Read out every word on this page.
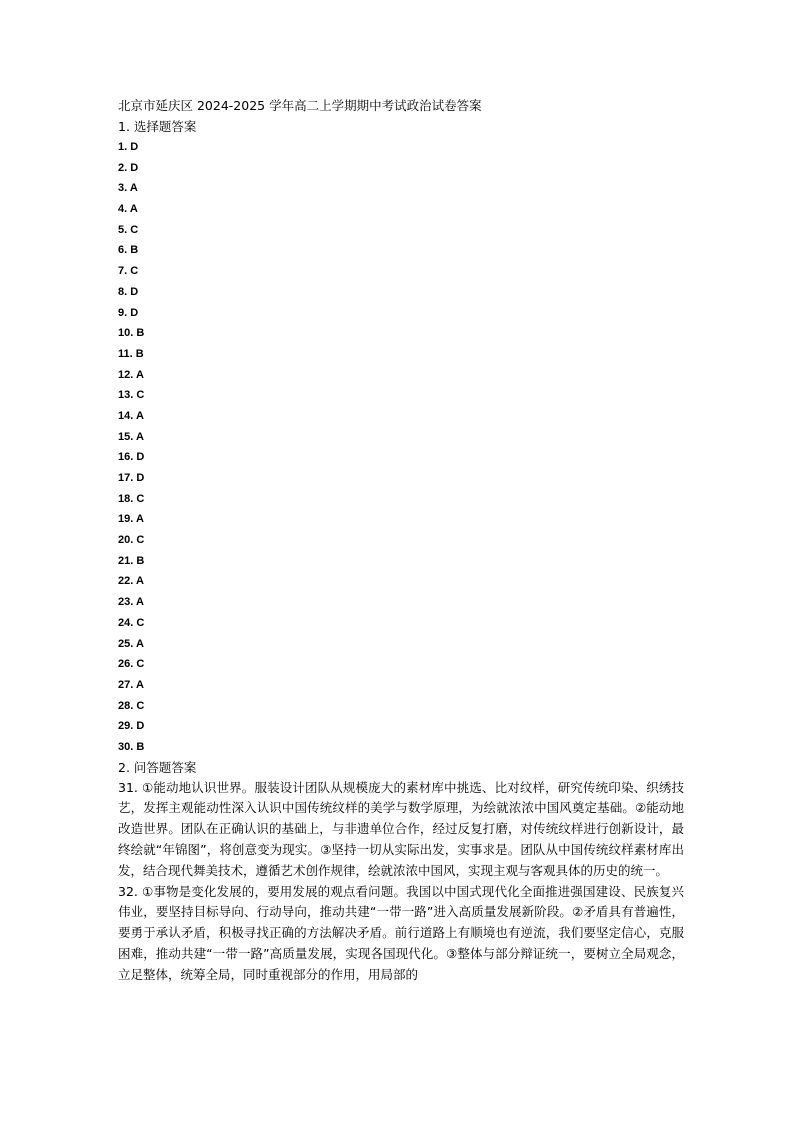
北京市延庆区 2024-2025 学年高二上学期期中考试政治试卷答案
1. 选择题答案
1. D
2. D
3. A
4. A
5. C
6. B
7. C
8. D
9. D
10. B
11. B
12. A
13. C
14. A
15. A
16. D
17. D
18. C
19. A
20. C
21. B
22. A
23. A
24. C
25. A
26. C
27. A
28. C
29. D
30. B
2. 问答题答案

31. ①能动地认识世界。服装设计团队从规模庞大的素材库中挑选、比对纹样，研究传统印染、织绣技艺，发挥主观能动性深入认识中国传统纹样的美学与数学原理，为绘就浓浓中国风奠定基础。②能动地改造世界。团队在正确认识的基础上，与非遗单位合作，经过反复打磨，对传统纹样进行创新设计，最终绘就“年锦图”，将创意变为现实。③坚持一切从实际出发，实事求是。团队从中国传统纹样素材库出发，结合现代舞美技术，遵循艺术创作规律，绘就浓浓中国风，实现主观与客观具体的历史的统一。

32. ①事物是变化发展的，要用发展的观点看问题。我国以中国式现代化全面推进强国建设、民族复兴伟业，要坚持目标导向、行动导向，推动共建“一带一路”进入高质量发展新阶段。②矛盾具有普遍性，要勇于承认矛盾，积极寻找正确的方法解决矛盾。前行道路上有顺境也有逆流，我们要坚定信心，克服困难，推动共建“一带一路”高质量发展，实现各国现代化。③整体与部分辩证统一，要树立全局观念，立足整体，统筹全局，同时重视部分的作用，用局部的
